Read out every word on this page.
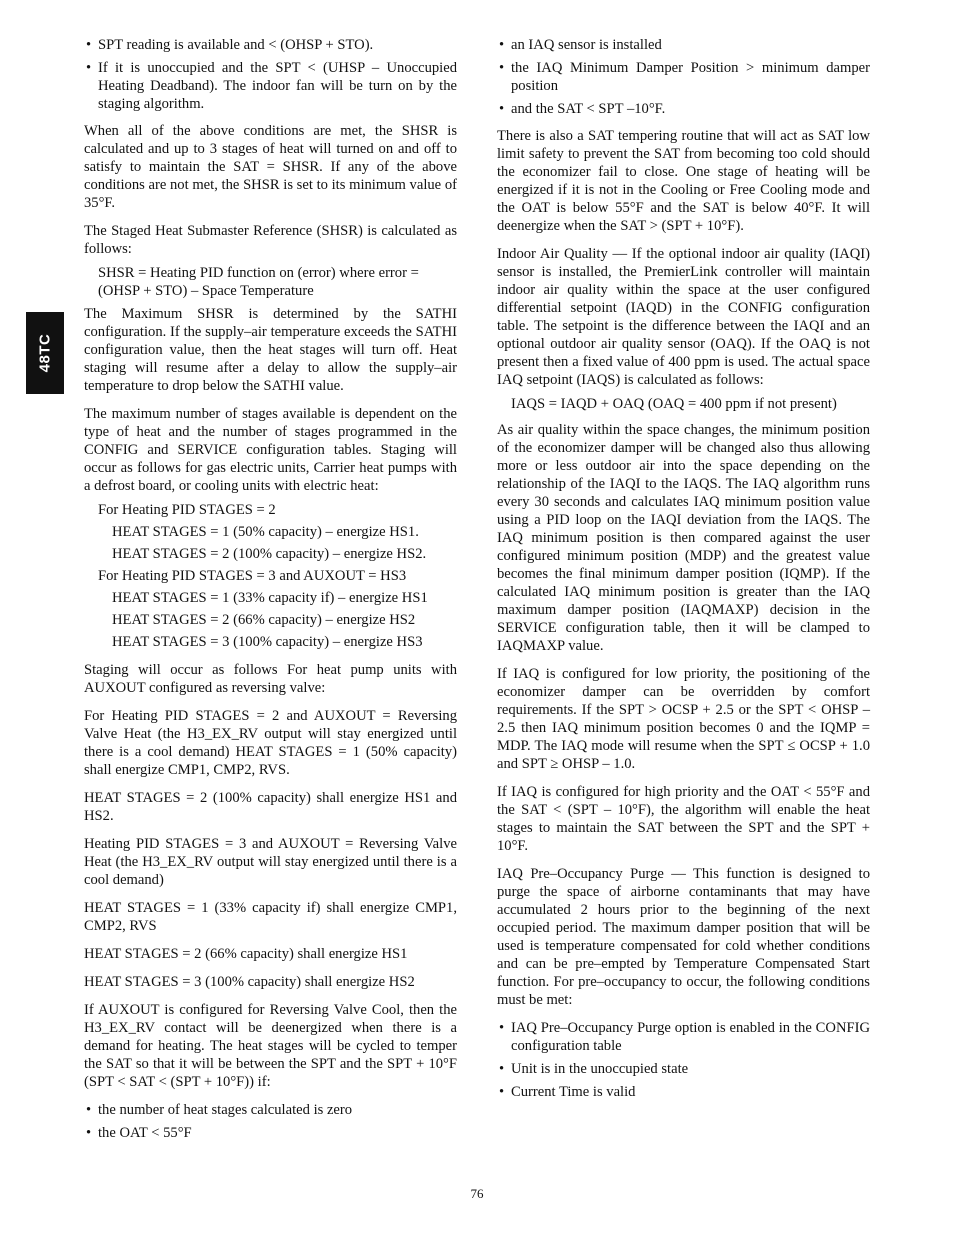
48TC
• SPT reading is available and < (OHSP + STO).
• If it is unoccupied and the SPT < (UHSP – Unoccupied Heating Deadband). The indoor fan will be turn on by the staging algorithm.

When all of the above conditions are met, the SHSR is calculated and up to 3 stages of heat will turned on and off to satisfy to maintain the SAT = SHSR. If any of the above conditions are not met, the SHSR is set to its minimum value of 35°F.

The Staged Heat Submaster Reference (SHSR) is calculated as follows:

SHSR = Heating PID function on (error) where error = (OHSP + STO) – Space Temperature

The Maximum SHSR is determined by the SATHI configuration. If the supply–air temperature exceeds the SATHI configuration value, then the heat stages will turn off. Heat staging will resume after a delay to allow the supply–air temperature to drop below the SATHI value.

The maximum number of stages available is dependent on the type of heat and the number of stages programmed in the CONFIG and SERVICE configuration tables. Staging will occur as follows for gas electric units, Carrier heat pumps with a defrost board, or cooling units with electric heat:

For Heating PID STAGES = 2

HEAT STAGES = 1 (50% capacity) – energize HS1.

HEAT STAGES = 2 (100% capacity) – energize HS2.

For Heating PID STAGES = 3 and AUXOUT = HS3

HEAT STAGES = 1 (33% capacity if) – energize HS1

HEAT STAGES = 2 (66% capacity) – energize HS2

HEAT STAGES = 3 (100% capacity) – energize HS3

Staging will occur as follows For heat pump units with AUXOUT configured as reversing valve:

For Heating PID STAGES = 2 and AUXOUT = Reversing Valve Heat (the H3_EX_RV output will stay energized until there is a cool demand) HEAT STAGES = 1 (50% capacity) shall energize CMP1, CMP2, RVS.

HEAT STAGES = 2 (100% capacity) shall energize HS1 and HS2.

Heating PID STAGES = 3 and AUXOUT = Reversing Valve Heat (the H3_EX_RV output will stay energized until there is a cool demand)

HEAT STAGES = 1 (33% capacity if) shall energize CMP1, CMP2, RVS

HEAT STAGES = 2 (66% capacity) shall energize HS1

HEAT STAGES = 3 (100% capacity) shall energize HS2

If AUXOUT is configured for Reversing Valve Cool, then the H3_EX_RV contact will be deenergized when there is a demand for heating. The heat stages will be cycled to temper the SAT so that it will be between the SPT and the SPT + 10°F (SPT < SAT < (SPT + 10°F)) if:

• the number of heat stages calculated is zero
• the OAT < 55°F
• an IAQ sensor is installed
• the IAQ Minimum Damper Position > minimum damper position
• and the SAT < SPT –10°F.

There is also a SAT tempering routine that will act as SAT low limit safety to prevent the SAT from becoming too cold should the economizer fail to close. One stage of heating will be energized if it is not in the Cooling or Free Cooling mode and the OAT is below 55°F and the SAT is below 40°F. It will deenergize when the SAT > (SPT + 10°F).

Indoor Air Quality — If the optional indoor air quality (IAQI) sensor is installed, the PremierLink controller will maintain indoor air quality within the space at the user configured differential setpoint (IAQD) in the CONFIG configuration table. The setpoint is the difference between the IAQI and an optional outdoor air quality sensor (OAQ). If the OAQ is not present then a fixed value of 400 ppm is used. The actual space IAQ setpoint (IAQS) is calculated as follows:

IAQS = IAQD + OAQ (OAQ = 400 ppm if not present)

As air quality within the space changes, the minimum position of the economizer damper will be changed also thus allowing more or less outdoor air into the space depending on the relationship of the IAQI to the IAQS. The IAQ algorithm runs every 30 seconds and calculates IAQ minimum position value using a PID loop on the IAQI deviation from the IAQS. The IAQ minimum position is then compared against the user configured minimum position (MDP) and the greatest value becomes the final minimum damper position (IQMP). If the calculated IAQ minimum position is greater than the IAQ maximum damper position (IAQMAXP) decision in the SERVICE configuration table, then it will be clamped to IAQMAXP value.

If IAQ is configured for low priority, the positioning of the economizer damper can be overridden by comfort requirements. If the SPT > OCSP + 2.5 or the SPT < OHSP – 2.5 then IAQ minimum position becomes 0 and the IQMP = MDP. The IAQ mode will resume when the SPT ≤ OCSP + 1.0 and SPT ≥ OHSP – 1.0.

If IAQ is configured for high priority and the OAT < 55°F and the SAT < (SPT – 10°F), the algorithm will enable the heat stages to maintain the SAT between the SPT and the SPT + 10°F.

IAQ Pre–Occupancy Purge — This function is designed to purge the space of airborne contaminants that may have accumulated 2 hours prior to the beginning of the next occupied period. The maximum damper position that will be used is temperature compensated for cold whether conditions and can be pre–empted by Temperature Compensated Start function. For pre–occupancy to occur, the following conditions must be met:

• IAQ Pre–Occupancy Purge option is enabled in the CONFIG configuration table
• Unit is in the unoccupied state
• Current Time is valid
76
